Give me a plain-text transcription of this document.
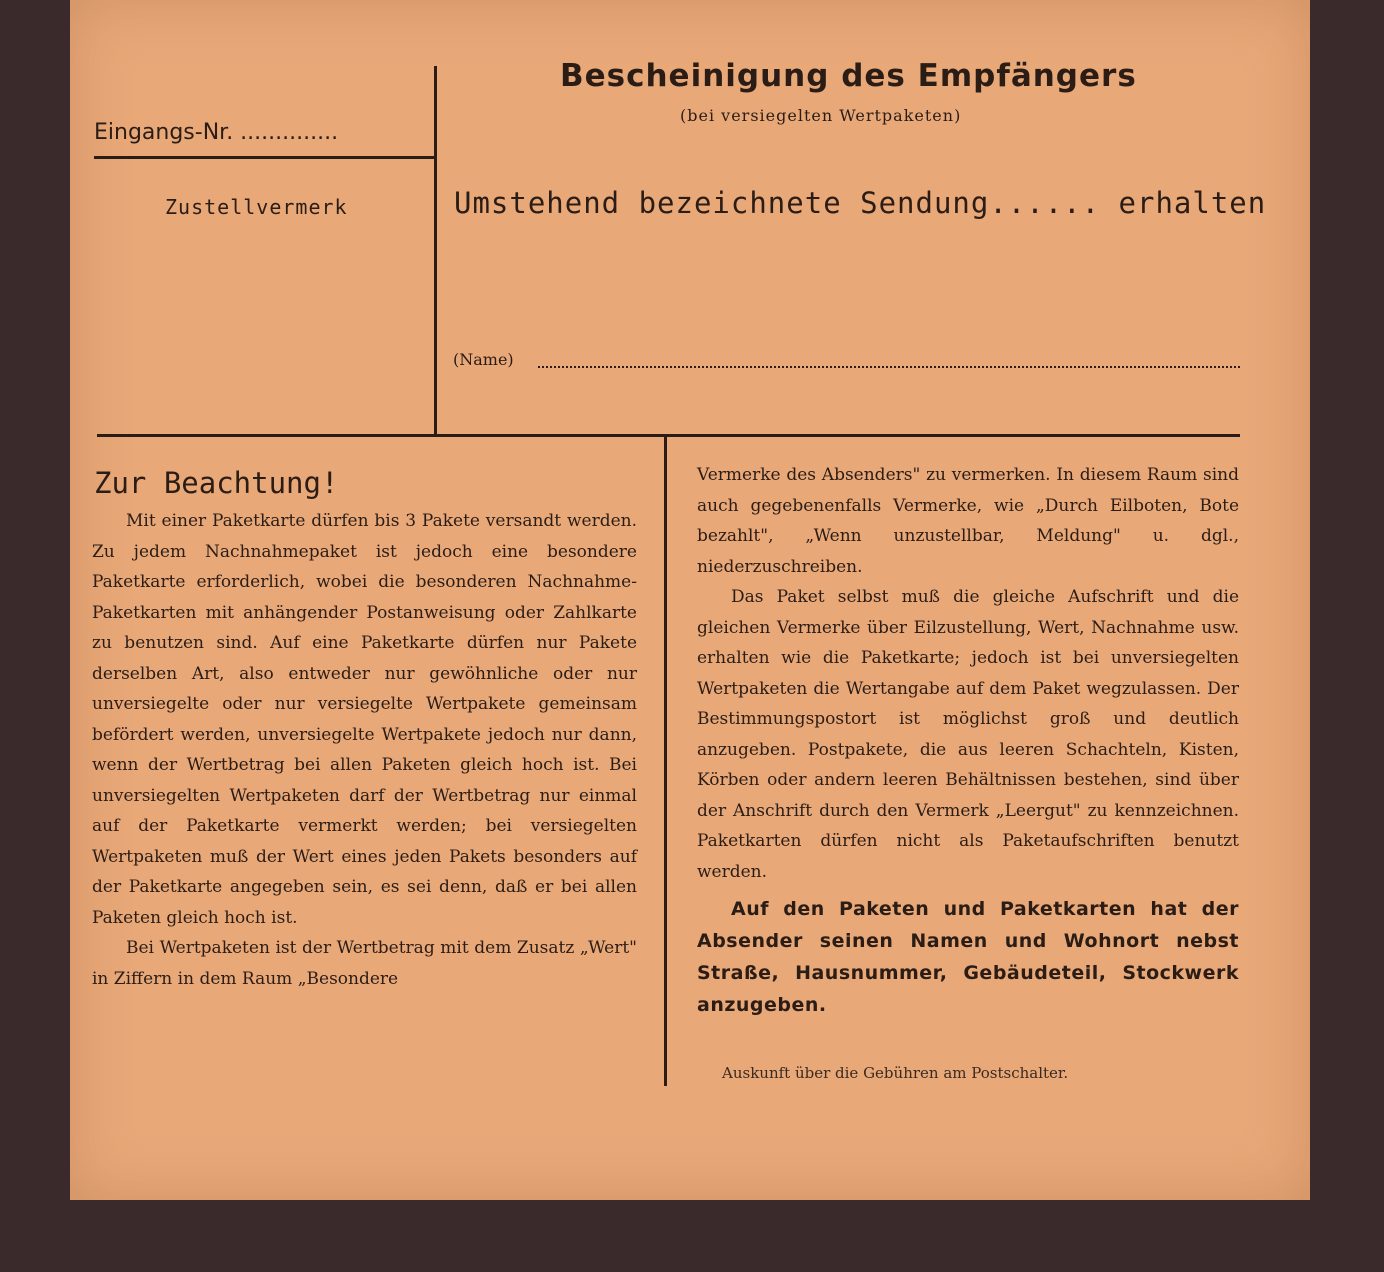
Bescheinigung des Empfängers
(bei versiegelten Wertpaketen)
Eingangs-Nr. ..............
Zustellvermerk	Umstehend bezeichnete Sendung...... erhalten
(Name)
Zur Beachtung!

Mit einer Paketkarte dürfen bis 3 Pakete versandt werden. Zu jedem Nachnahmepaket ist jedoch eine besondere Paketkarte erforderlich, wobei die besonderen Nachnahme-Paketkarten mit anhängender Postanweisung oder Zahlkarte zu benutzen sind. Auf eine Paketkarte dürfen nur Pakete derselben Art, also entweder nur gewöhnliche oder nur unversiegelte oder nur versiegelte Wertpakete gemeinsam befördert werden, unversiegelte Wertpakete jedoch nur dann, wenn der Wertbetrag bei allen Paketen gleich hoch ist. Bei unversiegelten Wertpaketen darf der Wertbetrag nur einmal auf der Paketkarte vermerkt werden; bei versiegelten Wertpaketen muß der Wert eines jeden Pakets besonders auf der Paketkarte angegeben sein, es sei denn, daß er bei allen Paketen gleich hoch ist.

Bei Wertpaketen ist der Wertbetrag mit dem Zusatz „Wert" in Ziffern in dem Raum „Besondere

Vermerke des Absenders" zu vermerken. In diesem Raum sind auch gegebenenfalls Vermerke, wie „Durch Eilboten, Bote bezahlt", „Wenn unzustellbar, Meldung" u. dgl., niederzuschreiben.

Das Paket selbst muß die gleiche Aufschrift und die gleichen Vermerke über Eilzustellung, Wert, Nachnahme usw. erhalten wie die Paketkarte; jedoch ist bei unversiegelten Wertpaketen die Wertangabe auf dem Paket wegzulassen. Der Bestimmungspostort ist möglichst groß und deutlich anzugeben. Postpakete, die aus leeren Schachteln, Kisten, Körben oder andern leeren Behältnissen bestehen, sind über der Anschrift durch den Vermerk „Leergut" zu kennzeichnen. Paketkarten dürfen nicht als Paketaufschriften benutzt werden.

Auf den Paketen und Paketkarten hat der Absender seinen Namen und Wohnort nebst Straße, Hausnummer, Gebäudeteil, Stockwerk anzugeben.

Auskunft über die Gebühren am Postschalter.
